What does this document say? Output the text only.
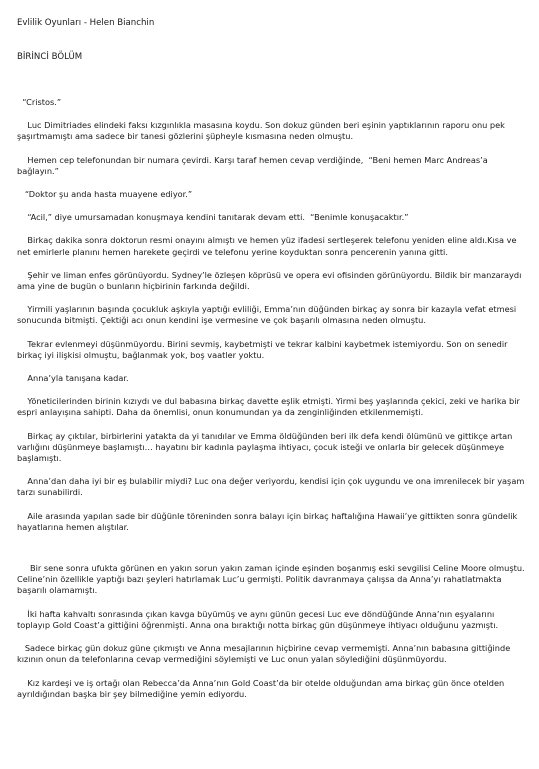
Evlilik Oyunları - Helen Bianchin
BİRİNCİ BÖLÜM

“Cristos.”

Luc Dimitriades elindeki faksı kızgınlıkla masasına koydu. Son dokuz günden beri eşinin yaptıklarının raporu onu pek şaşırtmamıştı ama sadece bir tanesi gözlerini şüpheyle kısmasına neden olmuştu.

Hemen cep telefonundan bir numara çevirdi. Karşı taraf hemen cevap verdiğinde,  “Beni hemen Marc Andreas’a bağlayın.”

“Doktor şu anda hasta muayene ediyor.”

“Acil,” diye umursamadan konuşmaya kendini tanıtarak devam etti.  “Benimle konuşacaktır.”

Birkaç dakika sonra doktorun resmi onayını almıştı ve hemen yüz ifadesi sertleşerek telefonu yeniden eline aldı.Kısa ve net emirlerle planını hemen harekete geçirdi ve telefonu yerine koyduktan sonra pencerenin yanına gitti.

Şehir ve liman enfes görünüyordu. Sydney’le özleşen köprüsü ve opera evi ofisinden görünüyordu. Bildik bir manzaraydı ama yine de bugün o bunların hiçbirinin farkında değildi.

Yirmili yaşlarının başında çocukluk aşkıyla yaptığı evliliği, Emma’nın düğünden birkaç ay sonra bir kazayla vefat etmesi sonucunda bitmişti. Çektiği acı onun kendini işe vermesine ve çok başarılı olmasına neden olmuştu.

Tekrar evlenmeyi düşünmüyordu. Birini sevmiş, kaybetmişti ve tekrar kalbini kaybetmek istemiyordu. Son on senedir birkaç iyi ilişkisi olmuştu, bağlanmak yok, boş vaatler yoktu.

Anna’yla tanışana kadar.

Yöneticilerinden birinin kızıydı ve dul babasına birkaç davette eşlik etmişti. Yirmi beş yaşlarında çekici, zeki ve harika bir espri anlayışına sahipti. Daha da önemlisi, onun konumundan ya da zenginliğinden etkilenmemişti.

Birkaç ay çıktılar, birbirlerini yatakta da yi tanıdılar ve Emma öldüğünden beri ilk defa kendi ölümünü ve gittikçe artan varlığını düşünmeye başlamıştı… hayatını bir kadınla paylaşma ihtiyacı, çocuk isteği ve onlarla bir gelecek düşünmeye başlamıştı.

Anna’dan daha iyi bir eş bulabilir miydi? Luc ona değer veriyordu, kendisi için çok uygundu ve ona imrenilecek bir yaşam tarzı sunabilirdi.

Aile arasında yapılan sade bir düğünle töreninden sonra balayı için birkaç haftalığına Hawaii’ye gittikten sonra gündelik hayatlarına hemen alıştılar.

Bir sene sonra ufukta görünen en yakın sorun yakın zaman içinde eşinden boşanmış eski sevgilisi Celine Moore olmuştu. Celine’nin özellikle yaptığı bazı şeyleri hatırlamak Luc’u germişti. Politik davranmaya çalışsa da Anna’yı rahatlatmakta başarılı olamamıştı.

İki hafta kahvaltı sonrasında çıkan kavga büyümüş ve aynı günün gecesi Luc eve döndüğünde Anna’nın eşyalarını toplayıp Gold Coast’a gittiğini öğrenmişti. Anna ona bıraktığı notta birkaç gün düşünmeye ihtiyacı olduğunu yazmıştı.

Sadece birkaç gün dokuz güne çıkmıştı ve Anna mesajlarının hiçbirine cevap vermemişti. Anna’nın babasına gittiğinde kızının onun da telefonlarına cevap vermediğini söylemişti ve Luc onun yalan söylediğini düşünmüyordu.

Kız kardeşi ve iş ortağı olan Rebecca’da Anna’nın Gold Coast’da bir otelde olduğundan ama birkaç gün önce otelden ayrıldığından başka bir şey bilmediğine yemin ediyordu.
